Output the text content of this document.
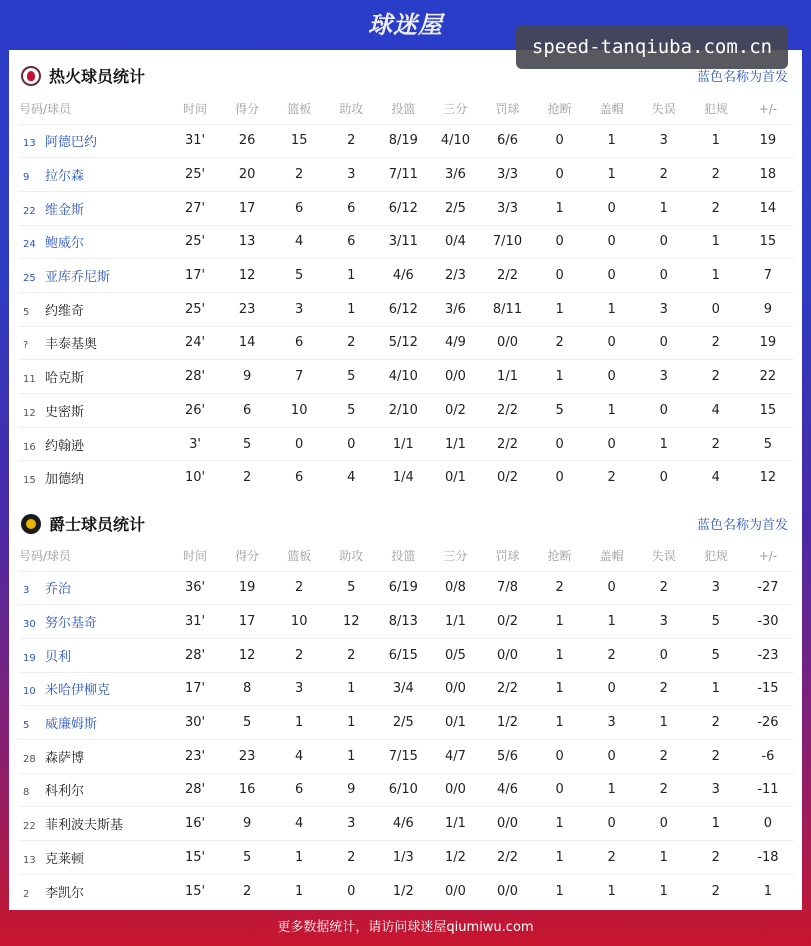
球迷屋
speed-tanqiuba.com.cn
热火球员统计	蓝色名称为首发
号码/球员	时间	得分	篮板	助攻	投篮	三分	罚球	抢断	盖帽	失误	犯规	+/-
13 阿德巴约	31'	26	15	2	8/19	4/10	6/6	0	1	3	1	19
9 拉尔森	25'	20	2	3	7/11	3/6	3/3	0	1	2	2	18
22 维金斯	27'	17	6	6	6/12	2/5	3/3	1	0	1	2	14
24 鲍威尔	25'	13	4	6	3/11	0/4	7/10	0	0	0	1	15
25 亚库乔尼斯	17'	12	5	1	4/6	2/3	2/2	0	0	0	1	7
5 约维奇	25'	23	3	1	6/12	3/6	8/11	1	1	3	0	9
? 丰泰基奥	24'	14	6	2	5/12	4/9	0/0	2	0	0	2	19
11 哈克斯	28'	9	7	5	4/10	0/0	1/1	1	0	3	2	22
12 史密斯	26'	6	10	5	2/10	0/2	2/2	5	1	0	4	15
16 约翰逊	3'	5	0	0	1/1	1/1	2/2	0	0	1	2	5
15 加德纳	10'	2	6	4	1/4	0/1	0/2	0	2	0	4	12
爵士球员统计	蓝色名称为首发
号码/球员	时间	得分	篮板	助攻	投篮	三分	罚球	抢断	盖帽	失误	犯规	+/-
3 乔治	36'	19	2	5	6/19	0/8	7/8	2	0	2	3	-27
30 努尔基奇	31'	17	10	12	8/13	1/1	0/2	1	1	3	5	-30
19 贝利	28'	12	2	2	6/15	0/5	0/0	1	2	0	5	-23
10 米哈伊柳克	17'	8	3	1	3/4	0/0	2/2	1	0	2	1	-15
5 威廉姆斯	30'	5	1	1	2/5	0/1	1/2	1	3	1	2	-26
28 森萨博	23'	23	4	1	7/15	4/7	5/6	0	0	2	2	-6
8 科利尔	28'	16	6	9	6/10	0/0	4/6	0	1	2	3	-11
22 菲利波夫斯基	16'	9	4	3	4/6	1/1	0/0	1	0	0	1	0
13 克莱顿	15'	5	1	2	1/3	1/2	2/2	1	2	1	2	-18
2 李凯尔	15'	2	1	0	1/2	0/0	0/0	1	1	1	2	1
更多数据统计，请访问球迷屋qiumiwu.com
